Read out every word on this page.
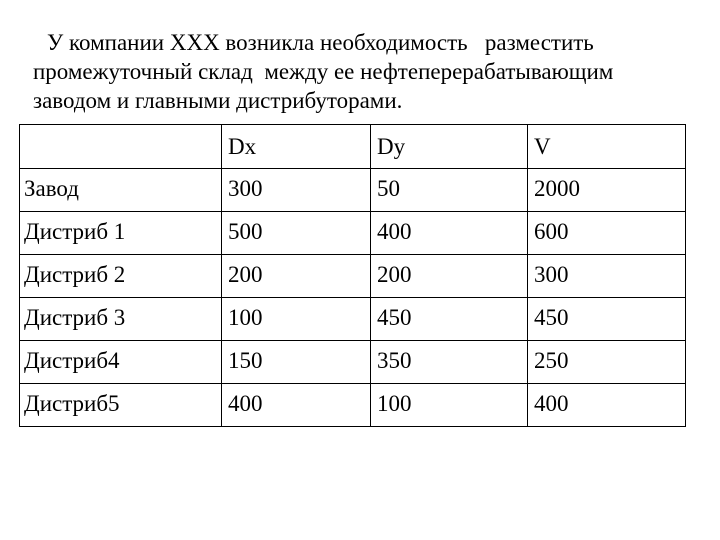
У компании XXX возникла необходимость   разместить
промежуточный склад  между ее нефтеперерабатывающим
заводом и главными дистрибуторами.
	Dx	Dy	V
Завод	300	50	2000
Дистриб 1	500	400	600
Дистриб 2	200	200	300
Дистриб 3	100	450	450
Дистриб4	150	350	250
Дистриб5	400	100	400
